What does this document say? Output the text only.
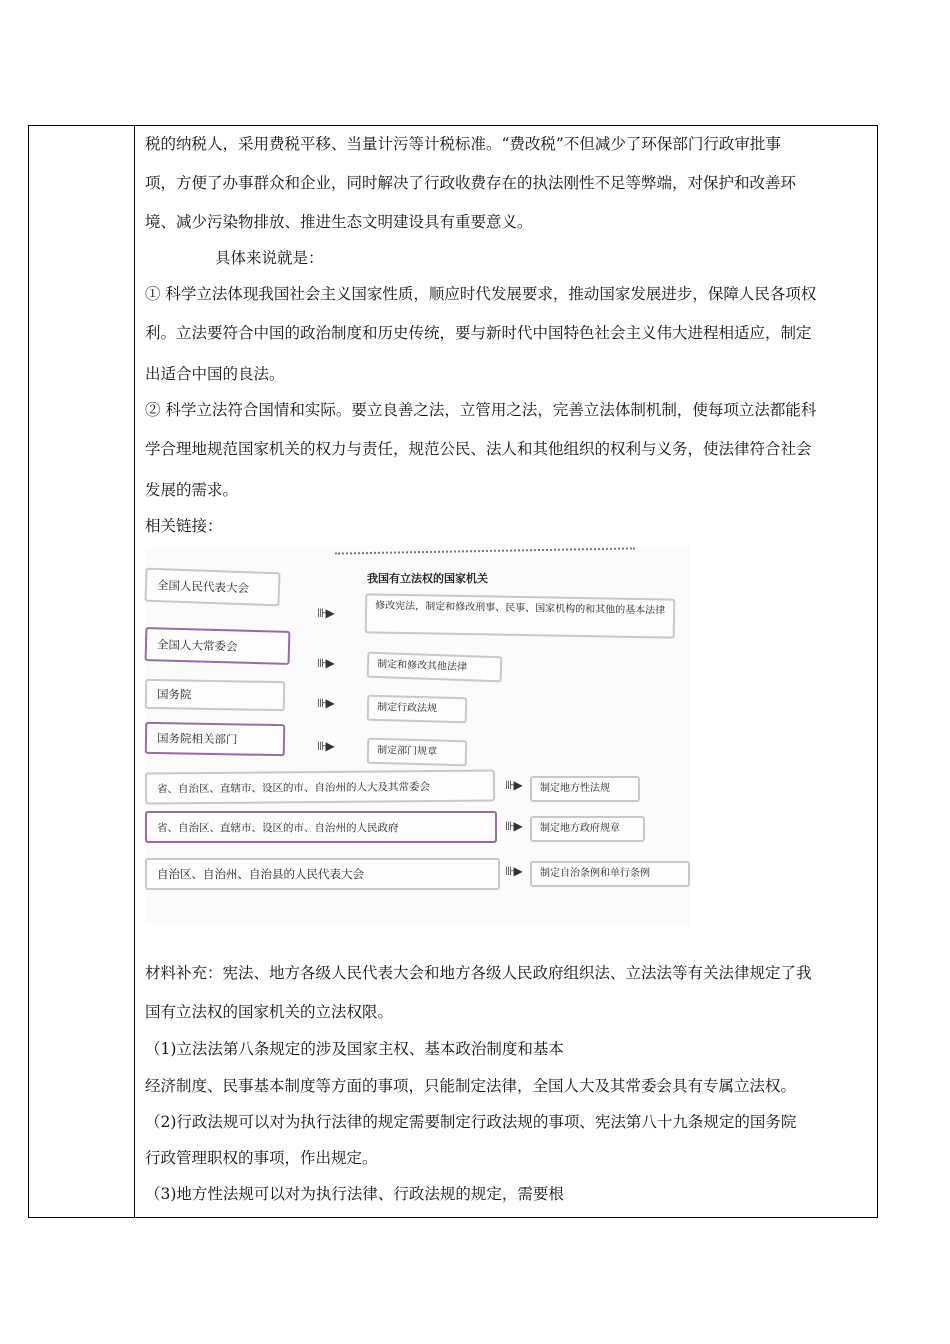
税的纳税人，采用费税平移、当量计污等计税标准。“费改税”不但减少了环保部门行政审批事
项，方便了办事群众和企业，同时解决了行政收费存在的执法刚性不足等弊端，对保护和改善环
境、减少污染物排放、推进生态文明建设具有重要意义。
具体来说就是：
① 科学立法体现我国社会主义国家性质，顺应时代发展要求，推动国家发展进步，保障人民各项权
利。立法要符合中国的政治制度和历史传统，要与新时代中国特色社会主义伟大进程相适应，制定
出适合中国的良法。
② 科学立法符合国情和实际。要立良善之法，立管用之法，完善立法体制机制，使每项立法都能科
学合理地规范国家机关的权力与责任，规范公民、法人和其他组织的权利与义务，使法律符合社会
发展的需求。
相关链接：
我国有立法权的国家机关
全国人民代表大会
⊪▶	修改宪法，制定和修改刑事、民事、国家机构的和其他的基本法律
全国人大常委会
⊪▶	制定和修改其他法律
国务院
⊪▶	制定行政法规
国务院相关部门	⊪▶	制定部门规章
省、自治区、直辖市、设区的市、自治州的人大及其常委会	⊪▶	制定地方性法规
省、自治区、直辖市、设区的市、自治州的人民政府	⊪▶	制定地方政府规章
自治区、自治州、自治县的人民代表大会	⊪▶	制定自治条例和单行条例
材料补充：宪法、地方各级人民代表大会和地方各级人民政府组织法、立法法等有关法律规定了我
国有立法权的国家机关的立法权限。
（1)立法法第八条规定的涉及国家主权、基本政治制度和基本
经济制度、民事基本制度等方面的事项，只能制定法律，全国人大及其常委会具有专属立法权。
（2)行政法规可以对为执行法律的规定需要制定行政法规的事项、宪法第八十九条规定的国务院
行政管理职权的事项，作出规定。
（3)地方性法规可以对为执行法律、行政法规的规定，需要根
